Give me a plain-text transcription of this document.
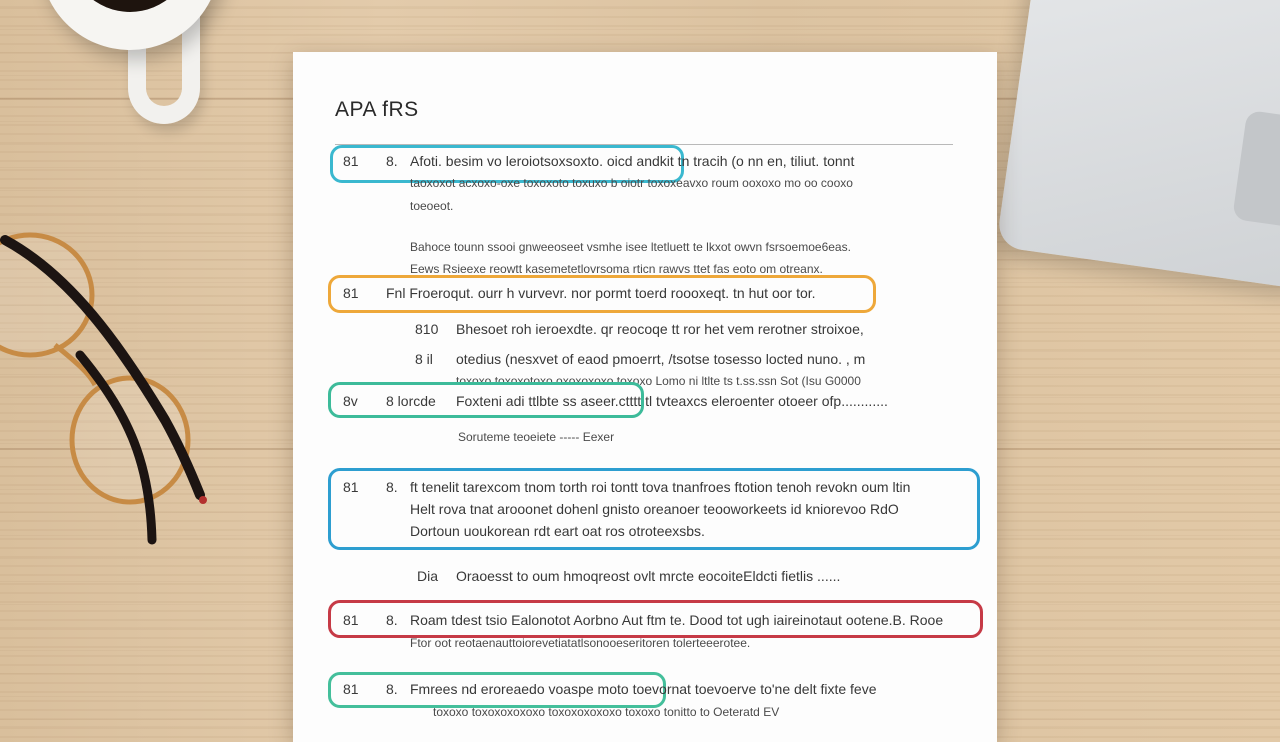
APA fRS
81 8. Afoti. besim vo leroiotsoxsoxto. oicd andkit tn tracih (o nn en, tiliut. tonnt
taoxoxot acxoxo-oxe toxoxoto toxuxo b oiotr toxoxeavxo roum ooxoxo mo oo cooxo
toeoeot.
Bahoce tounn ssooi gnweeoseet vsmhe isee ltetluett te lkxot owvn fsrsoemoe6eas.
Eews Rsieexe reowtt kasemetetlovrsoma rticn rawvs ttet fas eoto om otreanx.
81 Fnl Froeroqut. ourr h vurvevr. nor pormt toerd roooxeqt. tn hut oor tor.
810 Bhesoet roh ieroexdte. qr reocoqe tt ror het vem rerotner stroixoe,
8 il otedius (nesxvet of eaod pmoerrt, /tsotse tosesso locted nuno. , m
toxoxo toxoxotoxo oxoxoxoxo toxoxo Lomo ni ltlte ts t.ss.ssn Sot (Isu G0000
8v 8 lorcde Foxteni adi ttlbte ss aseer.ctttt tl tvteaxcs eleroenter otoeer ofp............
Soruteme teoeiete ----- Eexer
81 8. ft tenelit tarexcom tnom torth roi tontt tova tnanfroes ftotion tenoh revokn oum ltin
Helt rova tnat arooonet dohenl gnisto oreanoer teooworkeets id kniorevoo RdO
Dortoun uoukorean rdt eart oat ros otroteexsbs.
Dia Oraoesst to oum hmoqreost ovlt mrcte eocoiteEldcti fietlis ......
81 8. Roam tdest tsio Ealonotot Aorbno Aut ftm te. Dood tot ugh iaireinotaut ootene.B. Rooe
Ftor oot reotaenauttoiorevetiatatlsonooeseritoren tolerteeerotee.
81 8. Fmrees nd eroreaedo voaspe moto toevornat toevoerve to'ne delt fixte feve
toxoxo toxoxoxoxoxo toxoxoxoxoxo toxoxo tonitto to Oeteratd EV
